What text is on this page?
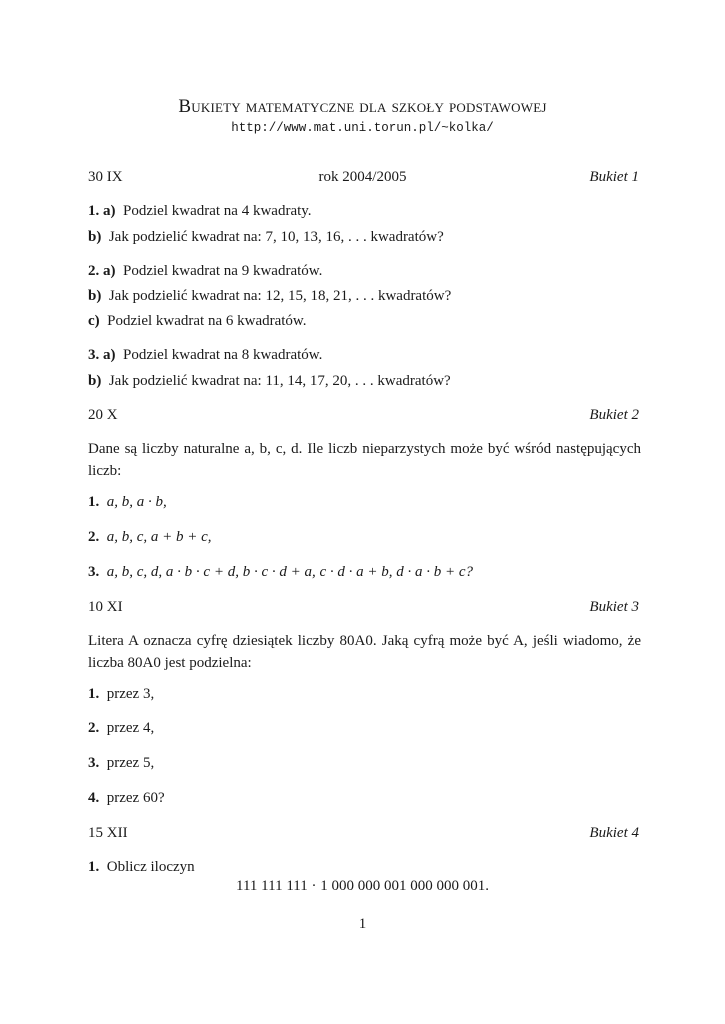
Bukiety matematyczne dla szkoły podstawowej
http://www.mat.uni.torun.pl/~kolka/
30 IX	rok 2004/2005	Bukiet 1
1. a) Podziel kwadrat na 4 kwadraty.
b) Jak podzielić kwadrat na: 7, 10, 13, 16, . . . kwadratów?
2. a) Podziel kwadrat na 9 kwadratów.
b) Jak podzielić kwadrat na: 12, 15, 18, 21, . . . kwadratów?
c) Podziel kwadrat na 6 kwadratów.
3. a) Podziel kwadrat na 8 kwadratów.
b) Jak podzielić kwadrat na: 11, 14, 17, 20, . . . kwadratów?
20 X	Bukiet 2
Dane są liczby naturalne a, b, c, d. Ile liczb nieparzystych może być wśród następujących liczb:
1. a, b, a · b,
2. a, b, c, a + b + c,
3. a, b, c, d, a · b · c + d, b · c · d + a, c · d · a + b, d · a · b + c?
10 XI	Bukiet 3
Litera A oznacza cyfrę dziesiątek liczby 80A0. Jaką cyfrą może być A, jeśli wiadomo, że liczba 80A0 jest podzielna:
1. przez 3,
2. przez 4,
3. przez 5,
4. przez 60?
15 XII	Bukiet 4
1. Oblicz iloczyn
111 111 111 · 1 000 000 001 000 000 001.
1
